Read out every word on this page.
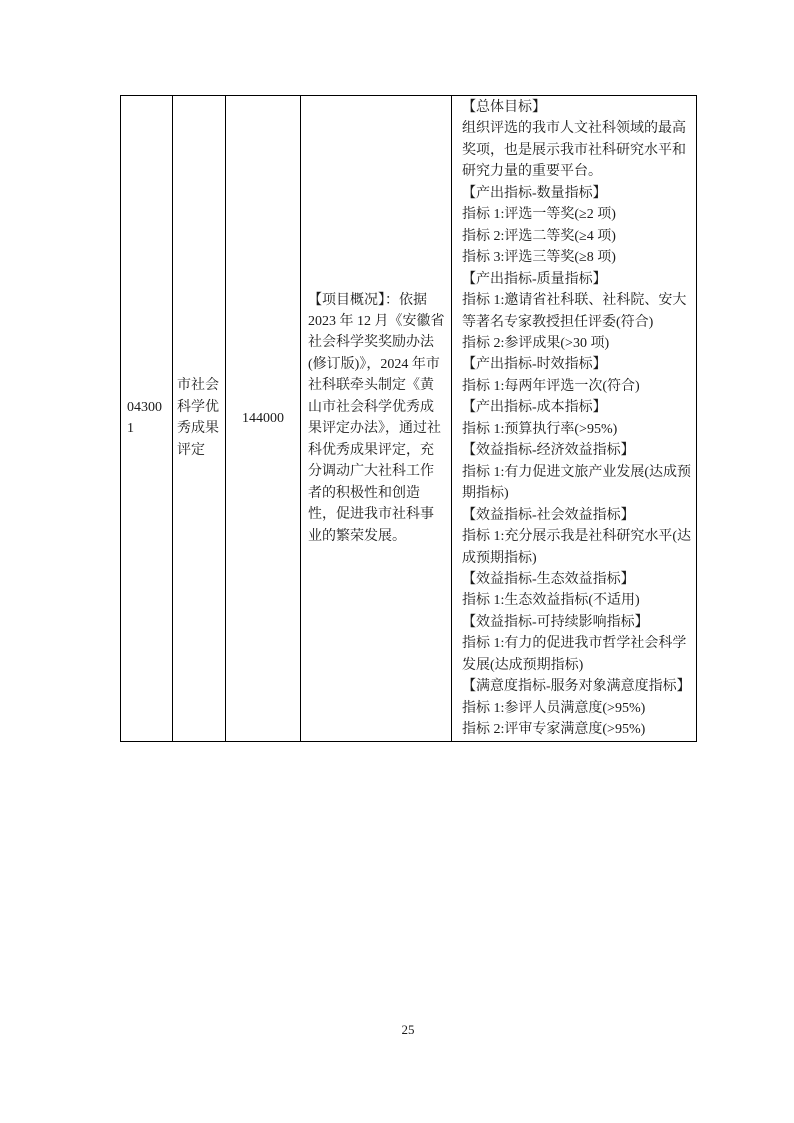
043001

市社会科学优秀成果评定

144000

【项目概况】：依据 2023 年 12 月《安徽省社会科学奖奖励办法(修订版)》，2024 年市社科联牵头制定《黄山市社会科学优秀成果评定办法》，通过社科优秀成果评定，充分调动广大社科工作者的积极性和创造性，促进我市社科事业的繁荣发展。

【总体目标】
组织评选的我市人文社科领域的最高奖项，也是展示我市社科研究水平和研究力量的重要平台。
【产出指标-数量指标】
指标 1:评选一等奖(≥2 项)
指标 2:评选二等奖(≥4 项)
指标 3:评选三等奖(≥8 项)
【产出指标-质量指标】
指标 1:邀请省社科联、社科院、安大等著名专家教授担任评委(符合)
指标 2:参评成果(>30 项)
【产出指标-时效指标】
指标 1:每两年评选一次(符合)
【产出指标-成本指标】
指标 1:预算执行率(>95%)
【效益指标-经济效益指标】
指标 1:有力促进文旅产业发展(达成预期指标)
【效益指标-社会效益指标】
指标 1:充分展示我是社科研究水平(达成预期指标)
【效益指标-生态效益指标】
指标 1:生态效益指标(不适用)
【效益指标-可持续影响指标】
指标 1:有力的促进我市哲学社会科学发展(达成预期指标)
【满意度指标-服务对象满意度指标】
指标 1:参评人员满意度(>95%)
指标 2:评审专家满意度(>95%)
25
